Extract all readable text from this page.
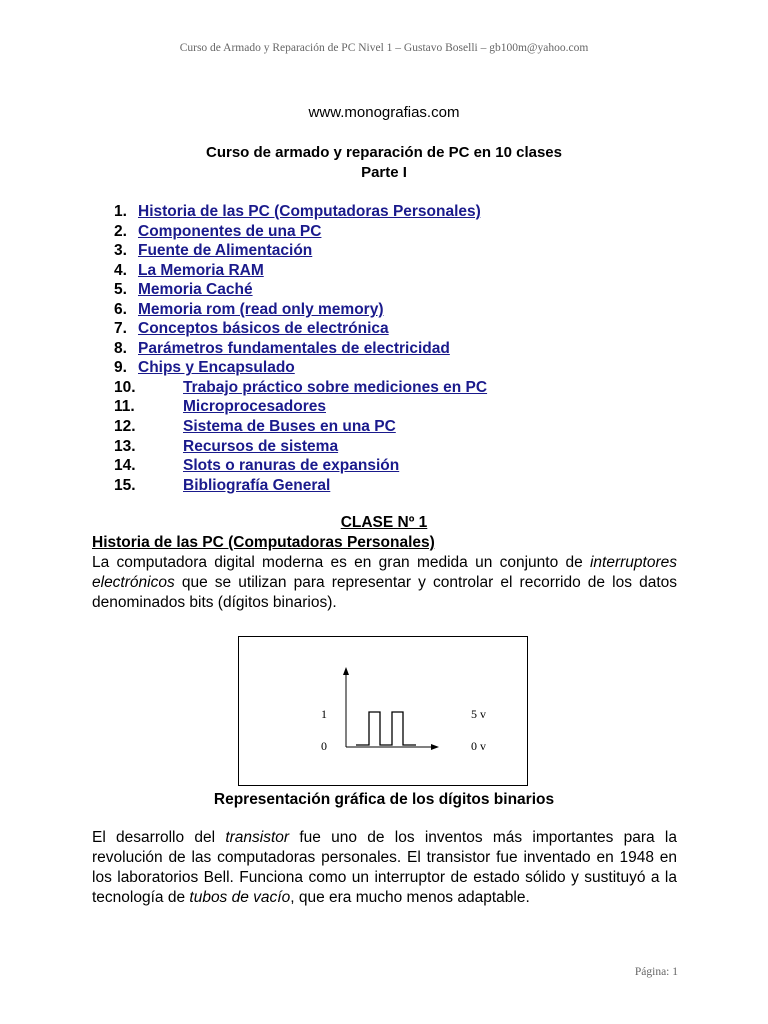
Curso de Armado y Reparación de PC Nivel 1 – Gustavo Boselli – gb100m@yahoo.com
www.monografias.com
Curso de armado y reparación de PC en 10 clases
Parte I
1. Historia de las PC (Computadoras Personales)
2. Componentes de una PC
3. Fuente de Alimentación
4. La Memoria RAM
5. Memoria Caché
6. Memoria rom (read only memory)
7. Conceptos básicos de electrónica
8. Parámetros fundamentales de electricidad
9. Chips y Encapsulado
10.	Trabajo práctico sobre mediciones en PC
11.	Microprocesadores
12.	Sistema de Buses en una PC
13.	Recursos de sistema
14.	Slots o ranuras de expansión
15.	Bibliografía General
CLASE Nº 1
Historia de las PC (Computadoras Personales)

La computadora digital moderna es en gran medida un conjunto de interruptores electrónicos que se utilizan para representar y controlar el recorrido de los datos denominados bits (dígitos binarios).

1
0
5 v
0 v
Representación gráfica de los dígitos binarios

El desarrollo del transistor fue uno de los inventos más importantes para la revolución de las computadoras personales. El transistor fue inventado en 1948 en los laboratorios Bell. Funciona como un interruptor de estado sólido y sustituyó a la tecnología de tubos de vacío, que era mucho menos adaptable.

Página: 1
